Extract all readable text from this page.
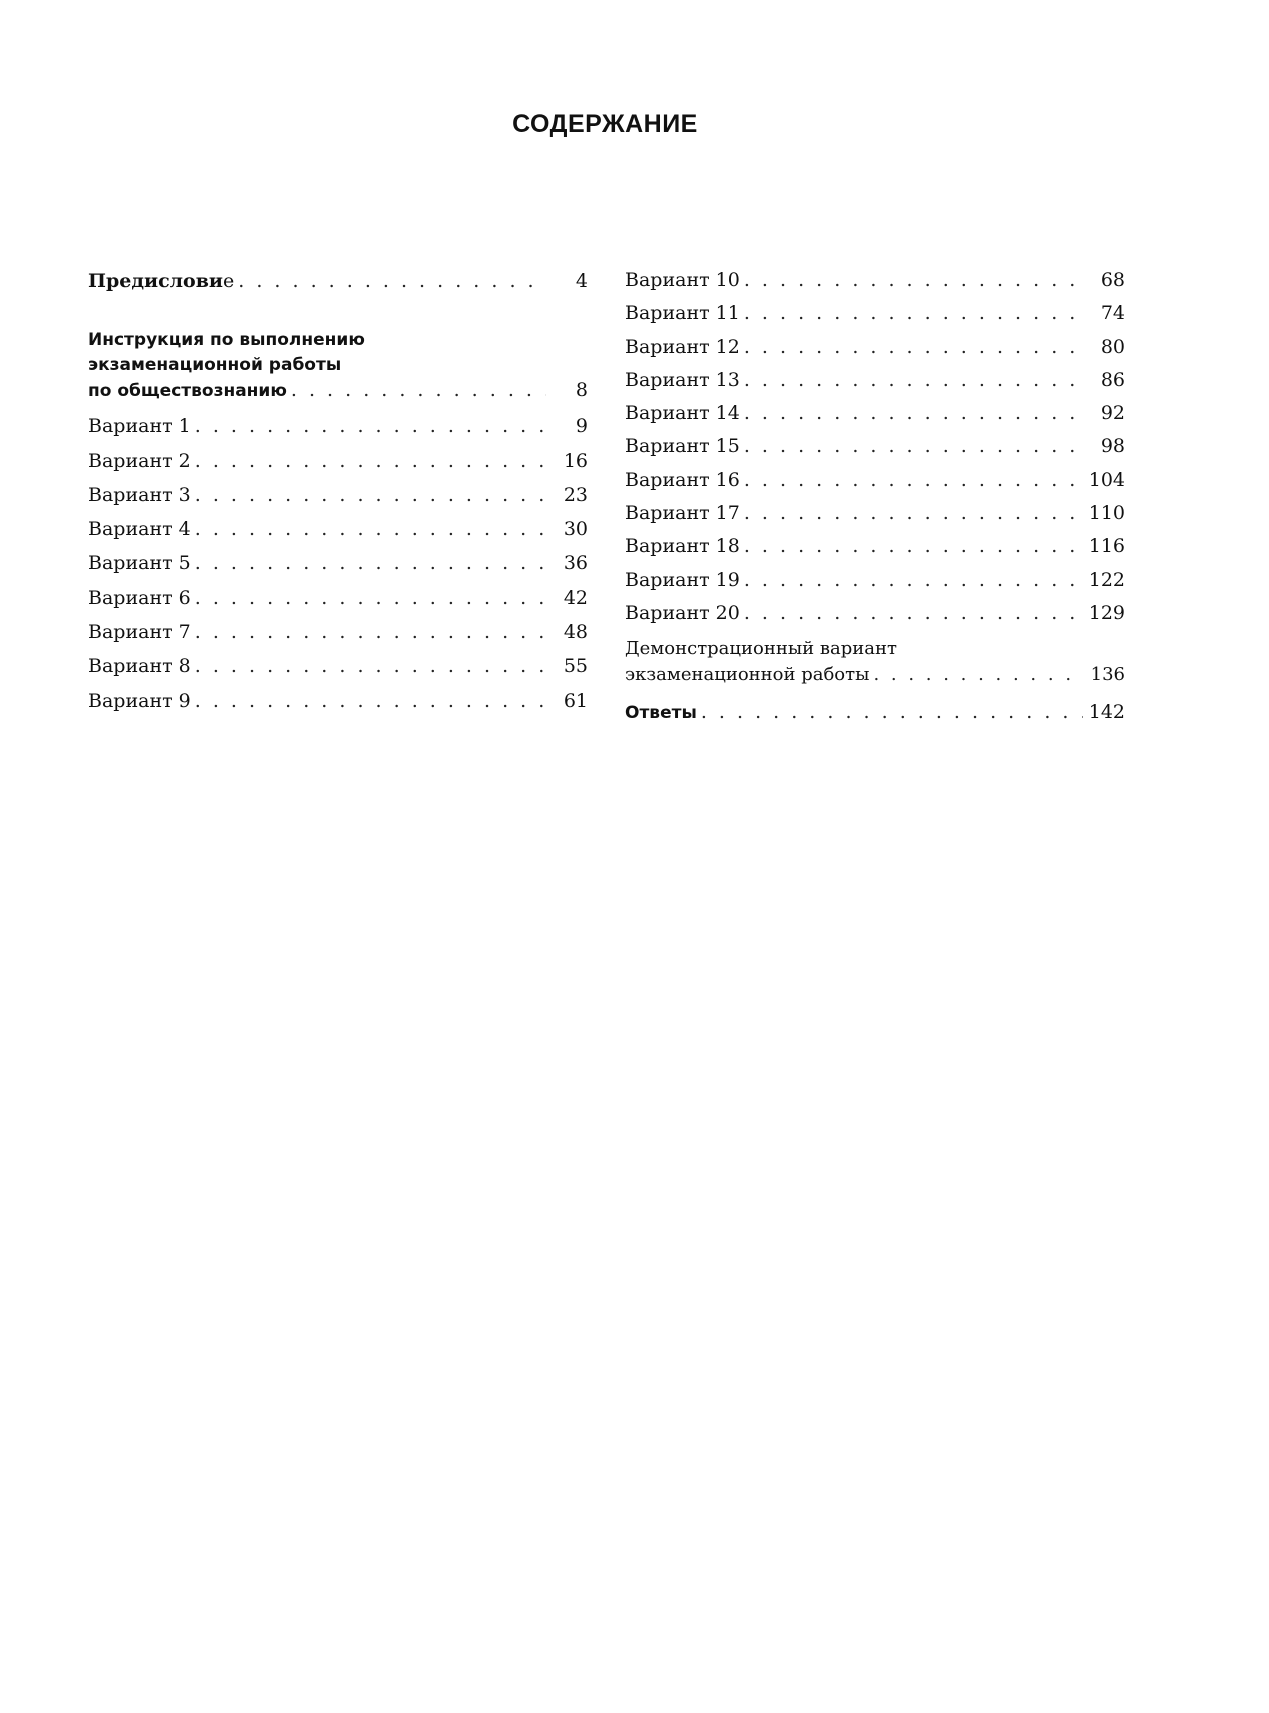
СОДЕРЖАНИЕ
Предисловие . . .	4
Инструкция по выполнению
экзаменационной работы
по обществознанию . . .	8
Вариант 1 . . .	9
Вариант 2 . . .	16
Вариант 3 . . .	23
Вариант 4 . . .	30
Вариант 5 . . .	36
Вариант 6 . . .	42
Вариант 7 . . .	48
Вариант 8 . . .	55
Вариант 9 . . .	61
Вариант 10 . . .	68
Вариант 11 . . .	74
Вариант 12 . . .	80
Вариант 13 . . .	86
Вариант 14 . . .	92
Вариант 15 . . .	98
Вариант 16 . . .	104
Вариант 17 . . .	110
Вариант 18 . . .	116
Вариант 19 . . .	122
Вариант 20 . . .	129
Демонстрационный вариант
экзаменационной работы . . .	136
Ответы . . .	142
